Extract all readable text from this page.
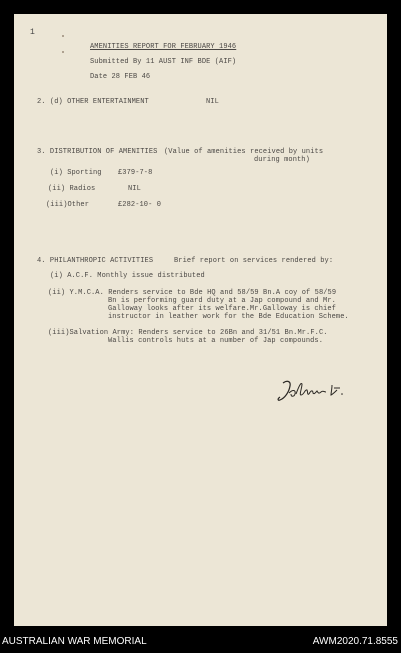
1
AMENITIES REPORT FOR FEBRUARY 1946
Submitted By 11 AUST INF BDE (AIF)
Date 28 FEB 46
2. (d) OTHER ENTERTAINMENT	NIL
3. DISTRIBUTION OF AMENITIES (Value of amenities received by units
during month)
(i) Sporting £379-7-8
(ii) Radios	NIL
(iii)Other	£282-10- 0
4. PHILANTHROPIC ACTIVITIES	Brief report on services rendered by:
(i) A.C.F. Monthly issue distributed
(ii) Y.M.C.A. Renders service to Bde HQ and 58/59 Bn.A coy of 58/59
Bn is performing guard duty at a Jap compound and Mr.
Galloway looks after its welfare.Mr.Galloway is chief
instructor in leather work for the Bde Education Scheme.
(iii)Salvation Army: Renders service to 26Bn and 31/51 Bn.Mr.F.C.
Wallis controls huts at a number of Jap compounds.
AUSTRALIAN WAR MEMORIAL	AWM2020.71.8555
